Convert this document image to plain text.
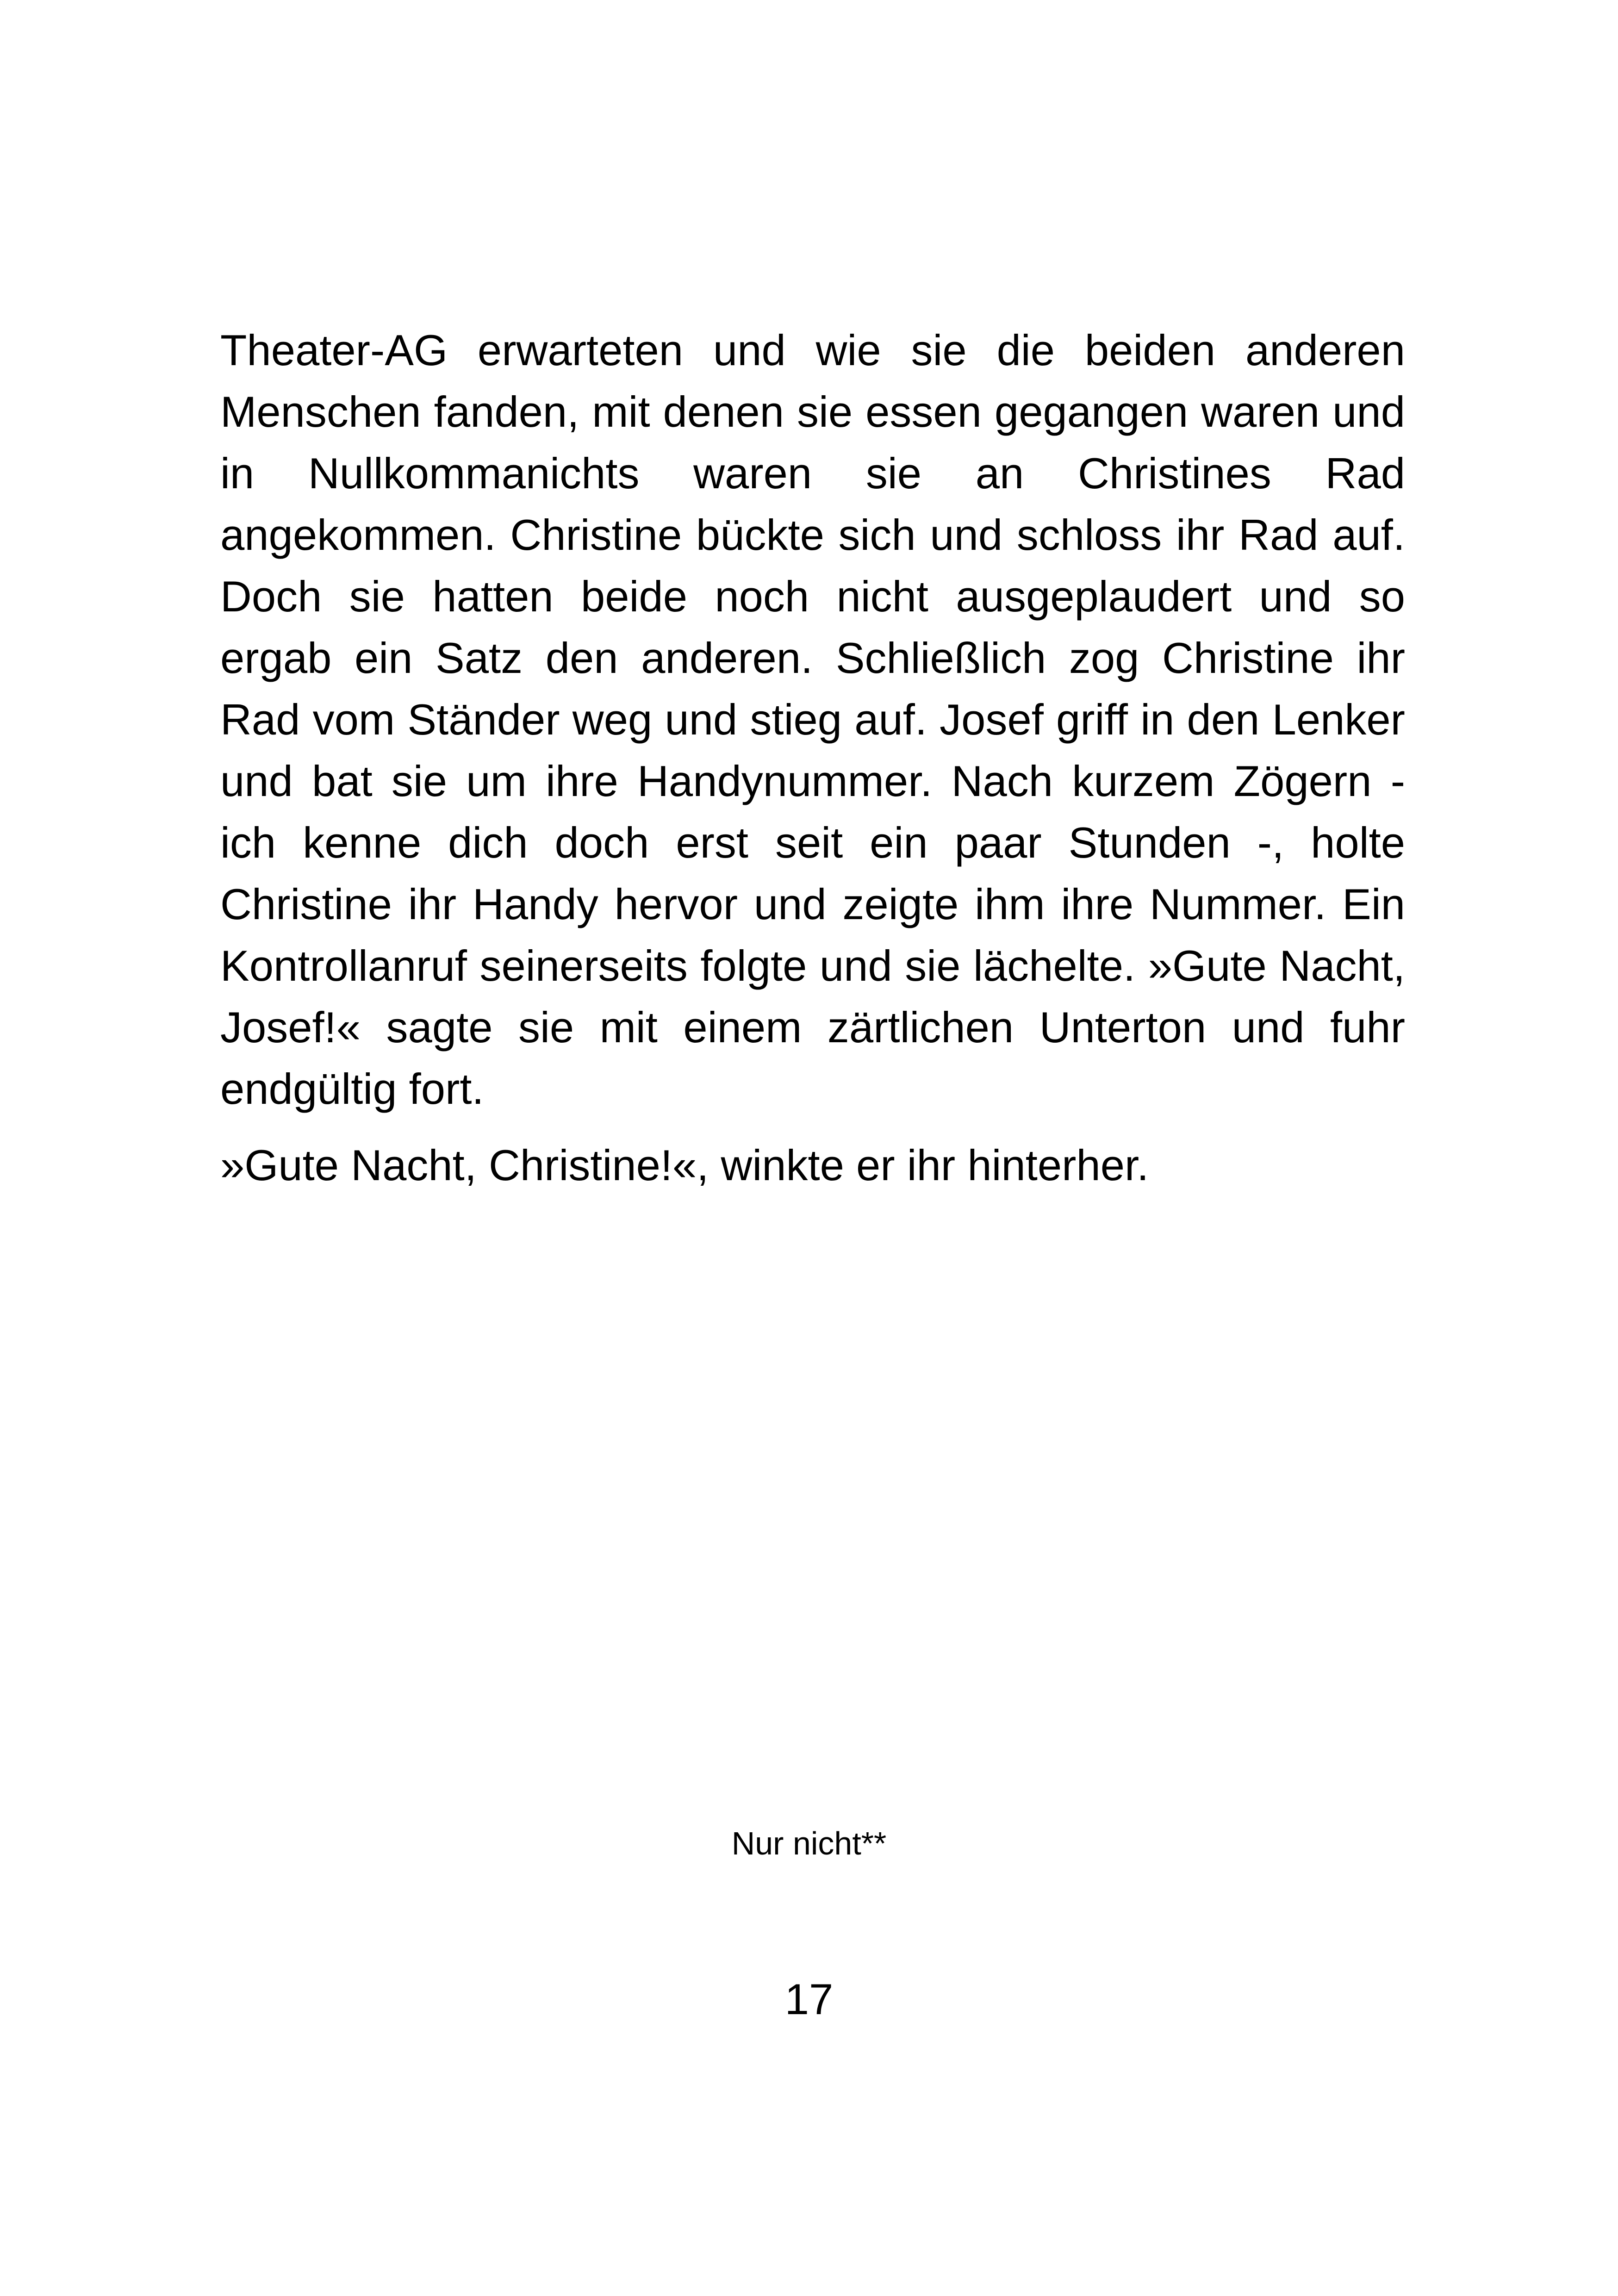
Theater-AG erwarteten und wie sie die beiden anderen Menschen fanden, mit denen sie essen gegangen waren und in Nullkommanichts waren sie an Christines Rad angekommen. Christine bückte sich und schloss ihr Rad auf. Doch sie hatten beide noch nicht ausgeplaudert und so ergab ein Satz den anderen. Schließlich zog Christine ihr Rad vom Ständer weg und stieg auf. Josef griff in den Lenker und bat sie um ihre Handynummer. Nach kurzem Zögern - ich kenne dich doch erst seit ein paar Stunden -, holte Christine ihr Handy hervor und zeigte ihm ihre Nummer. Ein Kontrollanruf seinerseits folgte und sie lächelte. »Gute Nacht, Josef!« sagte sie mit einem zärtlichen Unterton und fuhr endgültig fort.

»Gute Nacht, Christine!«, winkte er ihr hinterher.

Nur nicht**
17
